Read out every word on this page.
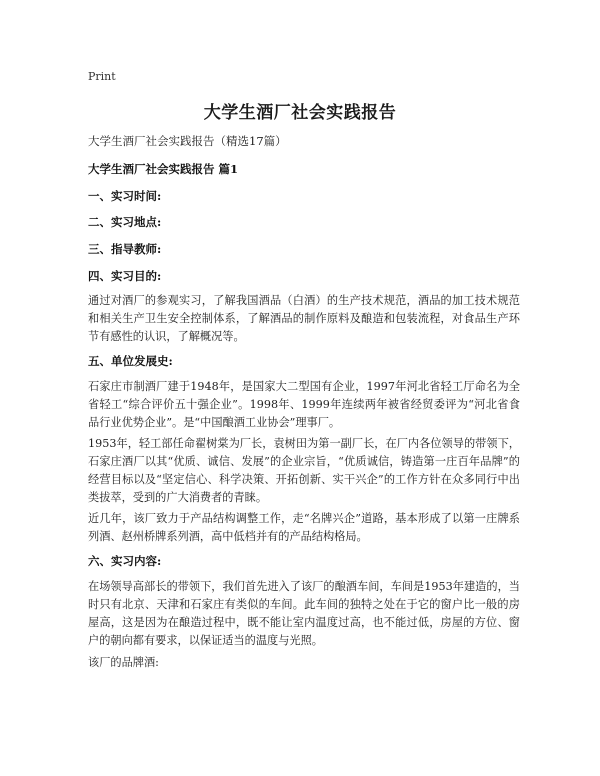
Print
大学生酒厂社会实践报告
大学生酒厂社会实践报告（精选17篇）
大学生酒厂社会实践报告 篇1
一、实习时间:
二、实习地点:
三、指导教师:
四、实习目的:
通过对酒厂的参观实习，了解我国酒品（白酒）的生产技术规范，酒品的加工技术规范和相关生产卫生安全控制体系，了解酒品的制作原料及酿造和包装流程，对食品生产环节有感性的认识，了解概况等。
五、单位发展史:
石家庄市制酒厂建于1948年，是国家大二型国有企业，1997年河北省轻工厅命名为全省轻工“综合评价五十强企业”。1998年、1999年连续两年被省经贸委评为“河北省食品行业优势企业”。是“中国酿酒工业协会”理事厂。
1953年，轻工部任命翟树棠为厂长，袁树田为第一副厂长，在厂内各位领导的带领下，石家庄酒厂以其“优质、诚信、发展”的企业宗旨，“优质诚信，铸造第一庄百年品牌”的经营目标以及“坚定信心、科学决策、开拓创新、实干兴企”的工作方针在众多同行中出类拔萃，受到的广大消费者的青睐。
近几年，该厂致力于产品结构调整工作，走“名牌兴企”道路，基本形成了以第一庄牌系列酒、赵州桥牌系列酒，高中低档并有的产品结构格局。
六、实习内容:
在场领导高部长的带领下，我们首先进入了该厂的酿酒车间，车间是1953年建造的，当时只有北京、天津和石家庄有类似的车间。此车间的独特之处在于它的窗户比一般的房屋高，这是因为在酿造过程中，既不能让室内温度过高，也不能过低，房屋的方位、窗户的朝向都有要求，以保证适当的温度与光照。
该厂的品牌酒:
